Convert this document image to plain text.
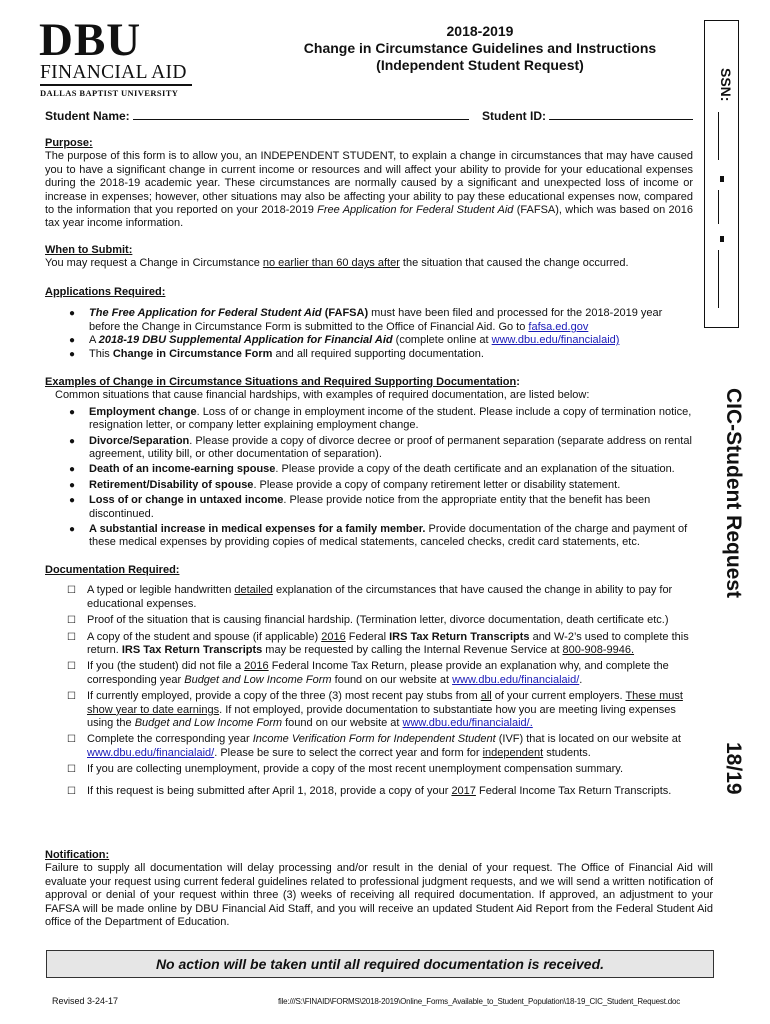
DBU
FINANCIAL AID
DALLAS BAPTIST UNIVERSITY
2018-2019
Change in Circumstance Guidelines and Instructions
(Independent Student Request)
SSN:
CIC-Student Request
18/19
Student Name:	Student ID:
Purpose:
The purpose of this form is to allow you, an INDEPENDENT STUDENT, to explain a change in circumstances that may have caused you to have a significant change in current income or resources and will affect your ability to provide for your educational expenses during the 2018-19 academic year. These circumstances are normally caused by a significant and unexpected loss of income or increase in expenses; however, other situations may also be affecting your ability to pay these educational expenses now, compared to the information that you reported on your 2018-2019 Free Application for Federal Student Aid (FAFSA), which was based on 2016 tax year income information.
When to Submit:
You may request a Change in Circumstance no earlier than 60 days after the situation that caused the change occurred.
Applications Required:
● The Free Application for Federal Student Aid (FAFSA) must have been filed and processed for the 2018-2019 year before the Change in Circumstance Form is submitted to the Office of Financial Aid. Go to fafsa.ed.gov
● A 2018-19 DBU Supplemental Application for Financial Aid (complete online at www.dbu.edu/financialaid)
● This Change in Circumstance Form and all required supporting documentation.
Examples of Change in Circumstance Situations and Required Supporting Documentation:
Common situations that cause financial hardships, with examples of required documentation, are listed below:
● Employment change. Loss of or change in employment income of the student. Please include a copy of termination notice, resignation letter, or company letter explaining employment change.
● Divorce/Separation. Please provide a copy of divorce decree or proof of permanent separation (separate address on rental agreement, utility bill, or other documentation of separation).
● Death of an income-earning spouse. Please provide a copy of the death certificate and an explanation of the situation.
● Retirement/Disability of spouse. Please provide a copy of company retirement letter or disability statement.
● Loss of or change in untaxed income. Please provide notice from the appropriate entity that the benefit has been discontinued.
● A substantial increase in medical expenses for a family member. Provide documentation of the charge and payment of these medical expenses by providing copies of medical statements, canceled checks, credit card statements, etc.
Documentation Required:
☐ A typed or legible handwritten detailed explanation of the circumstances that have caused the change in ability to pay for educational expenses.
☐ Proof of the situation that is causing financial hardship. (Termination letter, divorce documentation, death certificate etc.)
☐ A copy of the student and spouse (if applicable) 2016 Federal IRS Tax Return Transcripts and W-2’s used to complete this return. IRS Tax Return Transcripts may be requested by calling the Internal Revenue Service at 800-908-9946.
☐ If you (the student) did not file a 2016 Federal Income Tax Return, please provide an explanation why, and complete the corresponding year Budget and Low Income Form found on our website at www.dbu.edu/financialaid/.
☐ If currently employed, provide a copy of the three (3) most recent pay stubs from all of your current employers. These must show year to date earnings. If not employed, provide documentation to substantiate how you are meeting living expenses using the Budget and Low Income Form found on our website at www.dbu.edu/financialaid/.
☐ Complete the corresponding year Income Verification Form for Independent Student (IVF) that is located on our website at www.dbu.edu/financialaid/. Please be sure to select the correct year and form for independent students.
☐ If you are collecting unemployment, provide a copy of the most recent unemployment compensation summary.
☐ If this request is being submitted after April 1, 2018, provide a copy of your 2017 Federal Income Tax Return Transcripts.
Notification:
Failure to supply all documentation will delay processing and/or result in the denial of your request. The Office of Financial Aid will evaluate your request using current federal guidelines related to professional judgment requests, and we will send a written notification of approval or denial of your request within three (3) weeks of receiving all required documentation. If approved, an adjustment to your FAFSA will be made online by DBU Financial Aid Staff, and you will receive an updated Student Aid Report from the Federal Student Aid office of the Department of Education.
No action will be taken until all required documentation is received.
Revised 3-24-17	file:///S:\FINAID\FORMS\2018-2019\Online_Forms_Available_to_Student_Population\18-19_CIC_Student_Request.doc
